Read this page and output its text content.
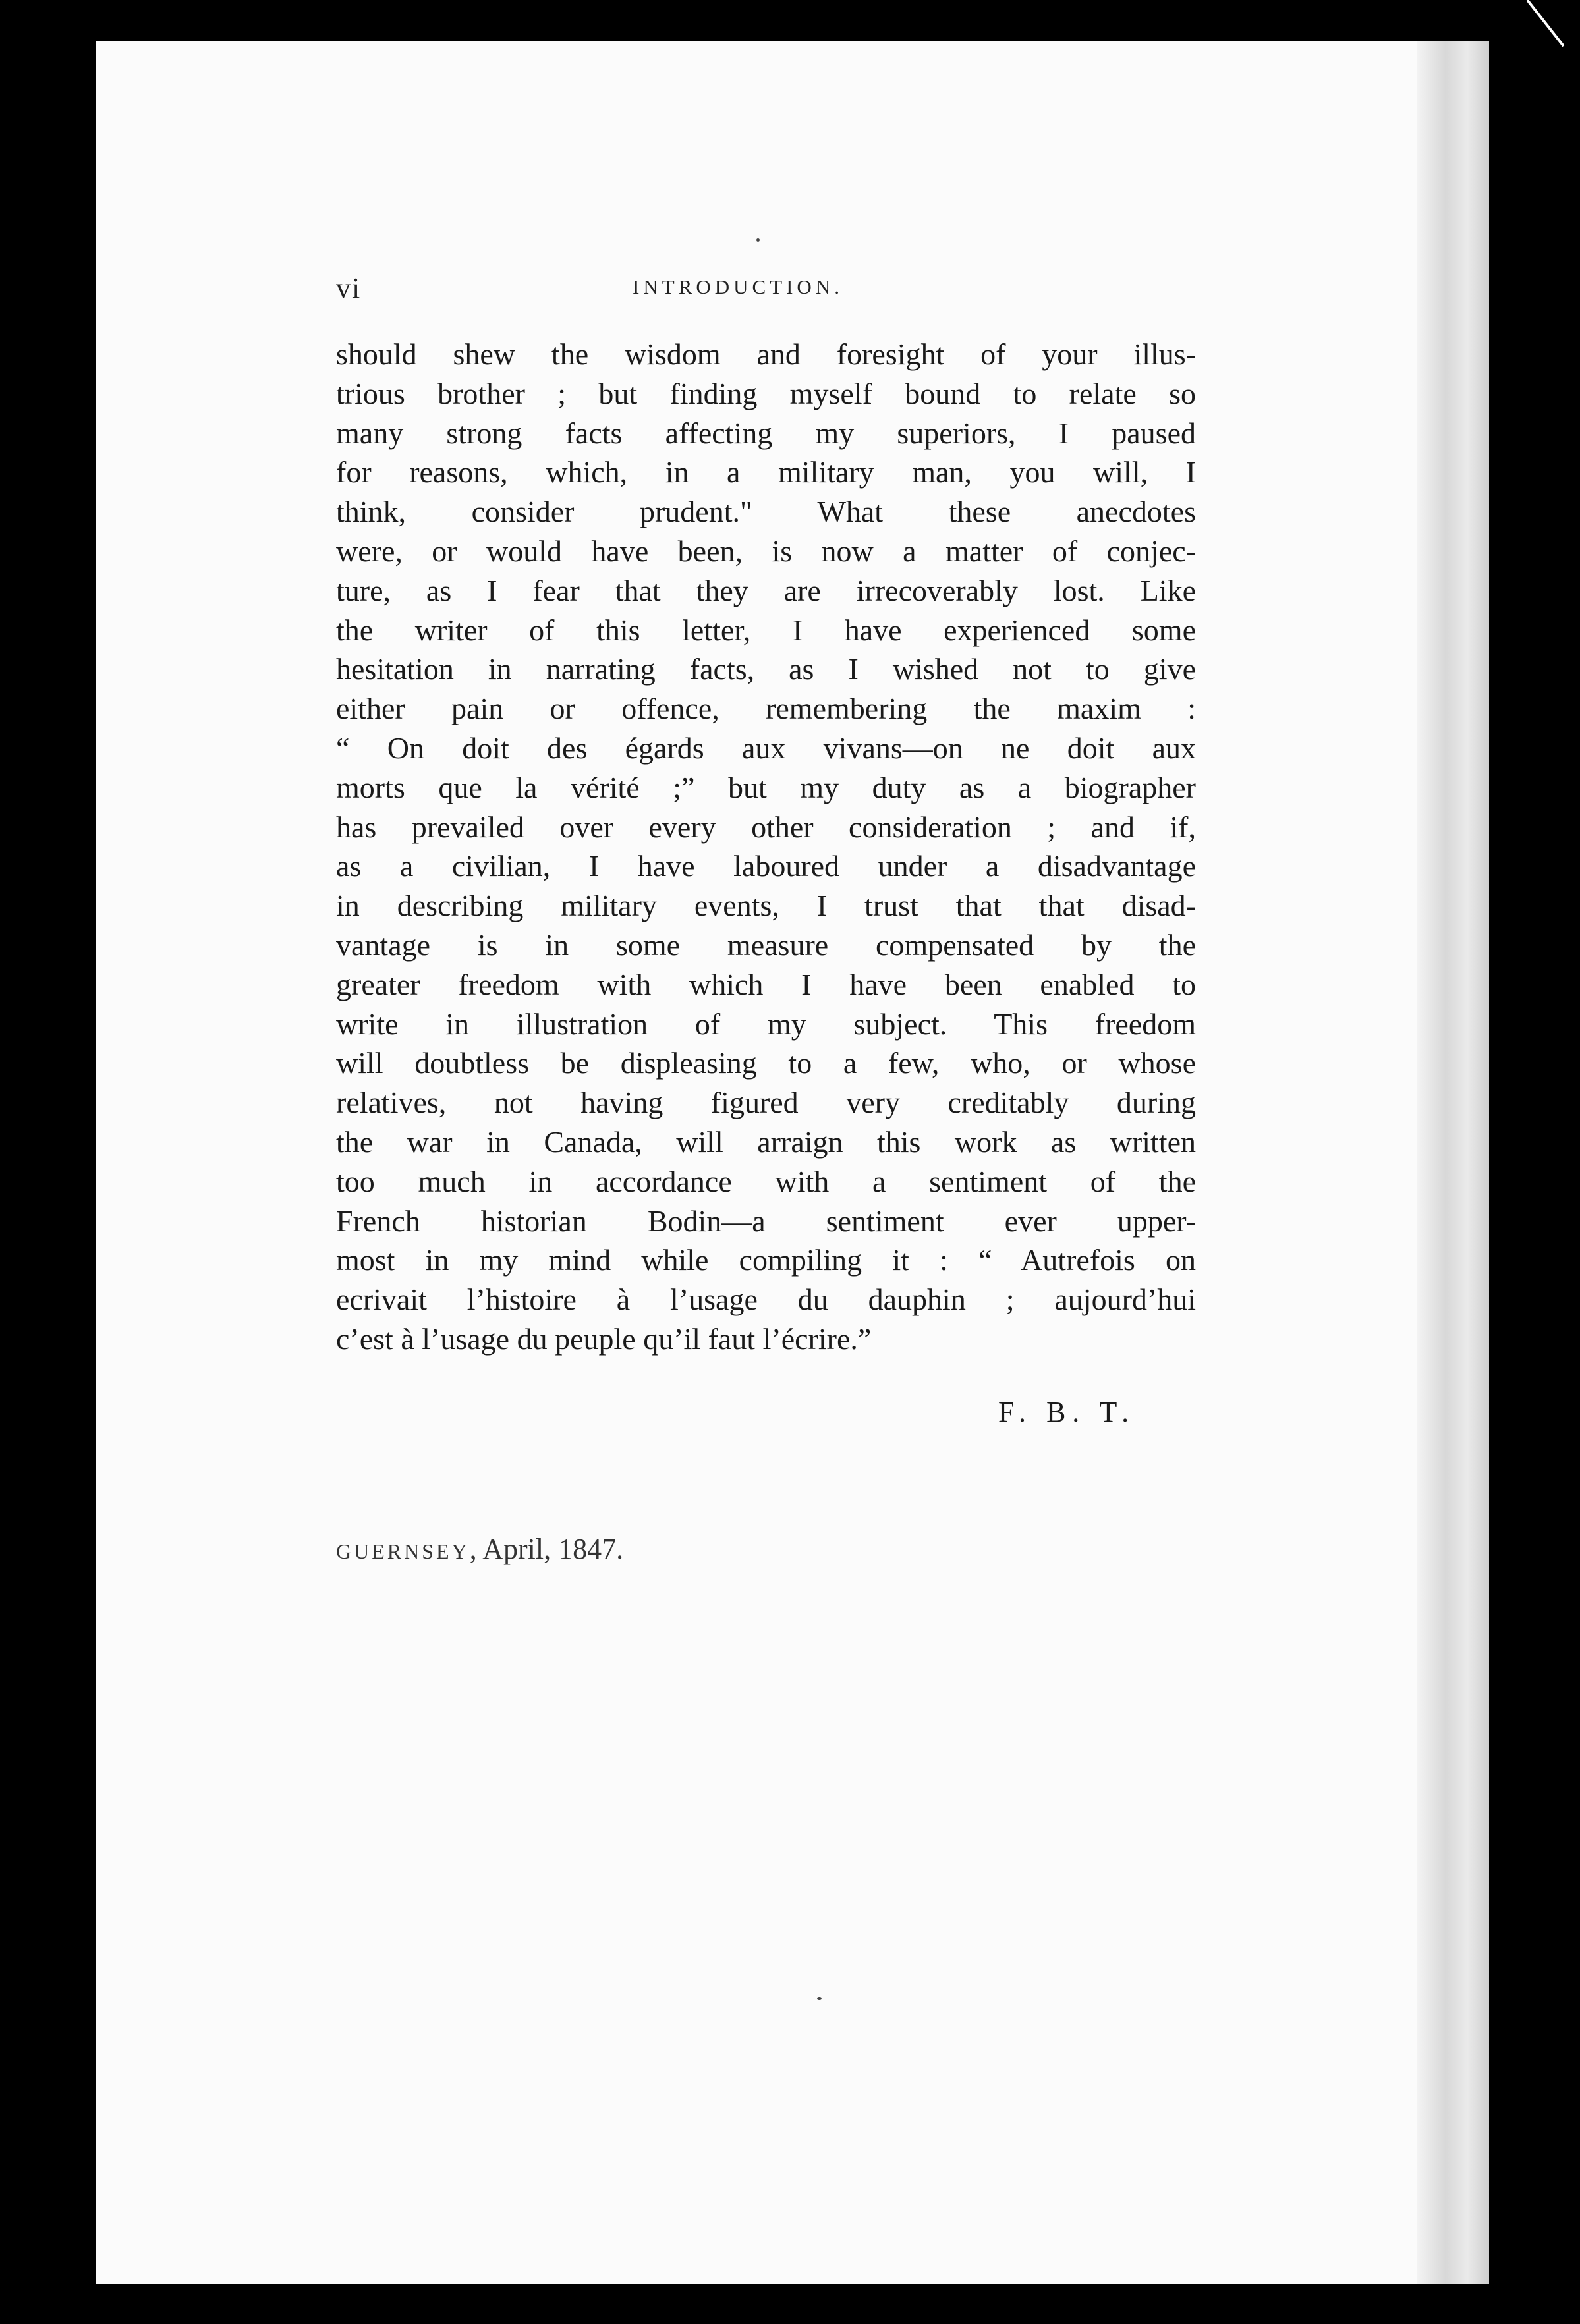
vi	INTRODUCTION.
should shew the wisdom and foresight of your illus-
trious brother ; but finding myself bound to relate so
many strong facts affecting my superiors, I paused
for reasons, which, in a military man, you will, I
think, consider prudent." What these anecdotes
were, or would have been, is now a matter of conjec-
ture, as I fear that they are irrecoverably lost. Like
the writer of this letter, I have experienced some
hesitation in narrating facts, as I wished not to give
either pain or offence, remembering the maxim :
“ On doit des égards aux vivans—on ne doit aux
morts que la vérité ;” but my duty as a biographer
has prevailed over every other consideration ; and if,
as a civilian, I have laboured under a disadvantage
in describing military events, I trust that that disad-
vantage is in some measure compensated by the
greater freedom with which I have been enabled to
write in illustration of my subject. This freedom
will doubtless be displeasing to a few, who, or whose
relatives, not having figured very creditably during
the war in Canada, will arraign this work as written
too much in accordance with a sentiment of the
French historian Bodin—a sentiment ever upper-
most in my mind while compiling it : “ Autrefois on
ecrivait l’histoire à l’usage du dauphin ; aujourd’hui
c’est à l’usage du peuple qu’il faut l’écrire.”
F. B. T.
GUERNSEY, April, 1847.
